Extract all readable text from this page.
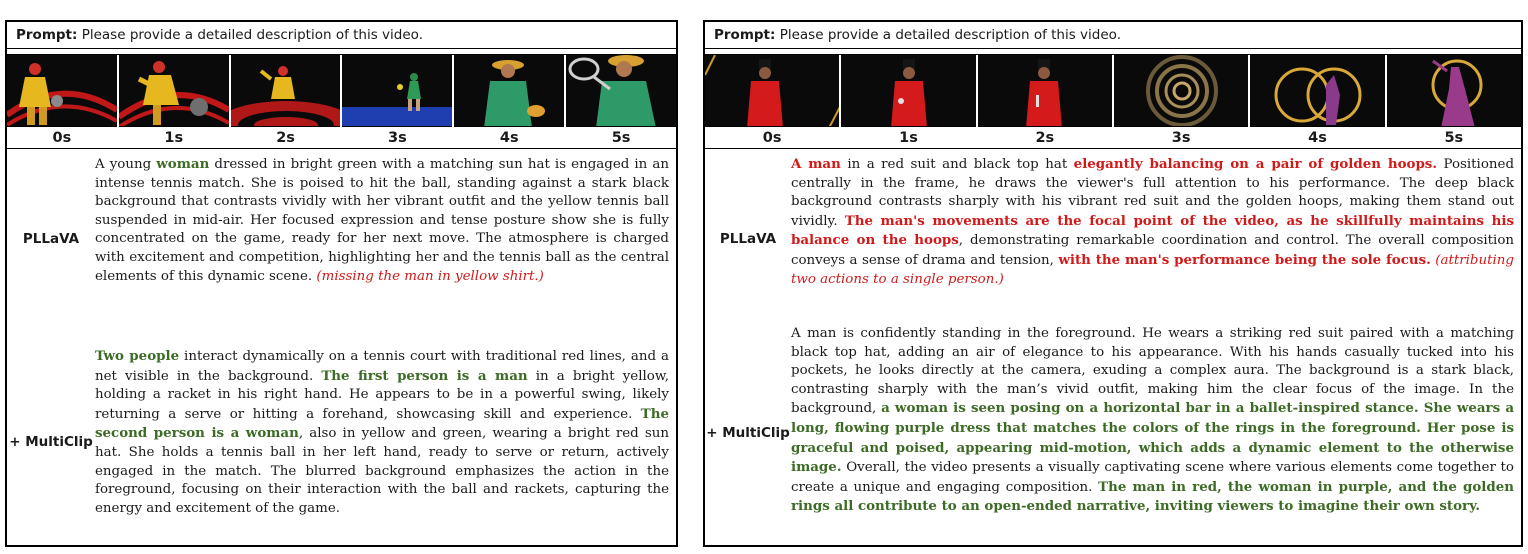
Prompt: Please provide a detailed description of this video.
0s	1s	2s	3s	4s	5s
PLLaVA
A young woman dressed in bright green with a matching sun hat is engaged in an intense tennis match. She is poised to hit the ball, standing against a stark black background that contrasts vividly with her vibrant outfit and the yellow tennis ball suspended in mid-air. Her focused expression and tense posture show she is fully concentrated on the game, ready for her next move. The atmosphere is charged with excitement and competition, highlighting her and the tennis ball as the central elements of this dynamic scene. (missing the man in yellow shirt.)
+ MultiClip
Two people interact dynamically on a tennis court with traditional red lines, and a net visible in the background. The first person is a man in a bright yellow, holding a racket in his right hand. He appears to be in a powerful swing, likely returning a serve or hitting a forehand, showcasing skill and experience. The second person is a woman, also in yellow and green, wearing a bright red sun hat. She holds a tennis ball in her left hand, ready to serve or return, actively engaged in the match. The blurred background emphasizes the action in the foreground, focusing on their interaction with the ball and rackets, capturing the energy and excitement of the game.
Prompt: Please provide a detailed description of this video.
0s	1s	2s	3s	4s	5s
PLLaVA
A man in a red suit and black top hat elegantly balancing on a pair of golden hoops. Positioned centrally in the frame, he draws the viewer's full attention to his performance. The deep black background contrasts sharply with his vibrant red suit and the golden hoops, making them stand out vividly. The man's movements are the focal point of the video, as he skillfully maintains his balance on the hoops, demonstrating remarkable coordination and control. The overall composition conveys a sense of drama and tension, with the man's performance being the sole focus. (attributing two actions to a single person.)
+ MultiClip
A man is confidently standing in the foreground. He wears a striking red suit paired with a matching black top hat, adding an air of elegance to his appearance. With his hands casually tucked into his pockets, he looks directly at the camera, exuding a complex aura. The background is a stark black, contrasting sharply with the man’s vivid outfit, making him the clear focus of the image. In the background, a woman is seen posing on a horizontal bar in a ballet-inspired stance. She wears a long, flowing purple dress that matches the colors of the rings in the foreground. Her pose is graceful and poised, appearing mid-motion, which adds a dynamic element to the otherwise image. Overall, the video presents a visually captivating scene where various elements come together to create a unique and engaging composition. The man in red, the woman in purple, and the golden rings all contribute to an open-ended narrative, inviting viewers to imagine their own story.
